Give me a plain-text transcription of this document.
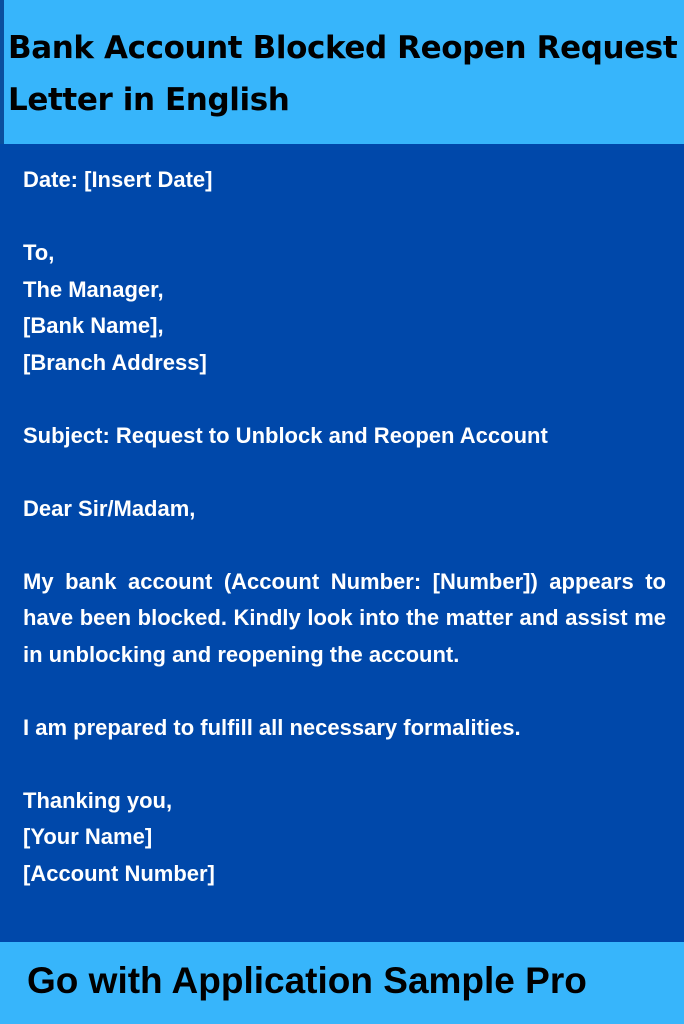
Bank Account Blocked Reopen Request Letter in English
Date: [Insert Date]
To,
The Manager,
[Bank Name],
[Branch Address]
Subject: Request to Unblock and Reopen Account
Dear Sir/Madam,
My bank account (Account Number: [Number]) appears to have been blocked. Kindly look into the matter and assist me in unblocking and reopening the account.
I am prepared to fulfill all necessary formalities.
Thanking you,
[Your Name]
[Account Number]

Go with Application Sample Pro
